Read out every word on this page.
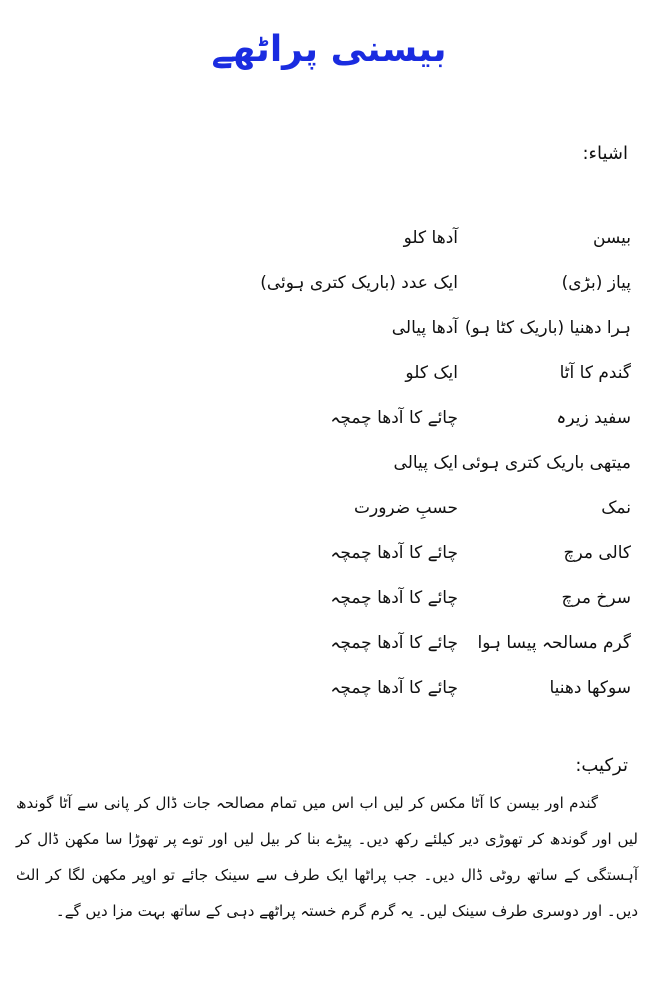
بیسنی پراٹھے
اشیاء:
بیسن
آدھا کلو
پیاز (بڑی)
ایک عدد (باریک کتری ہوئی)
ہرا دھنیا (باریک کٹا ہو)
آدھا پیالی
گندم کا آٹا
ایک کلو
سفید زیرہ
چائے کا آدھا چمچہ
میتھی باریک کتری ہوئی
ایک پیالی
نمک
حسبِ ضرورت
کالی مرچ
چائے کا آدھا چمچہ
سرخ مرچ
چائے کا آدھا چمچہ
گرم مسالحہ پیسا ہوا
چائے کا آدھا چمچہ
سوکھا دھنیا
چائے کا آدھا چمچہ
ترکیب:

گندم اور بیسن کا آٹا مکس کر لیں اب اس میں تمام مصالحہ جات ڈال کر پانی سے آٹا گوندھ لیں اور گوندھ کر تھوڑی دیر کیلئے رکھ دیں۔ پیڑے بنا کر بیل لیں اور توے پر تھوڑا سا مکھن ڈال کر آہستگی کے ساتھ روٹی ڈال دیں۔ جب پراٹھا ایک طرف سے سینک جائے تو اوپر مکھن لگا کر الٹ دیں۔ اور دوسری طرف سینک لیں۔ یہ گرم گرم خستہ پراٹھے دہی کے ساتھ بہت مزا دیں گے۔
